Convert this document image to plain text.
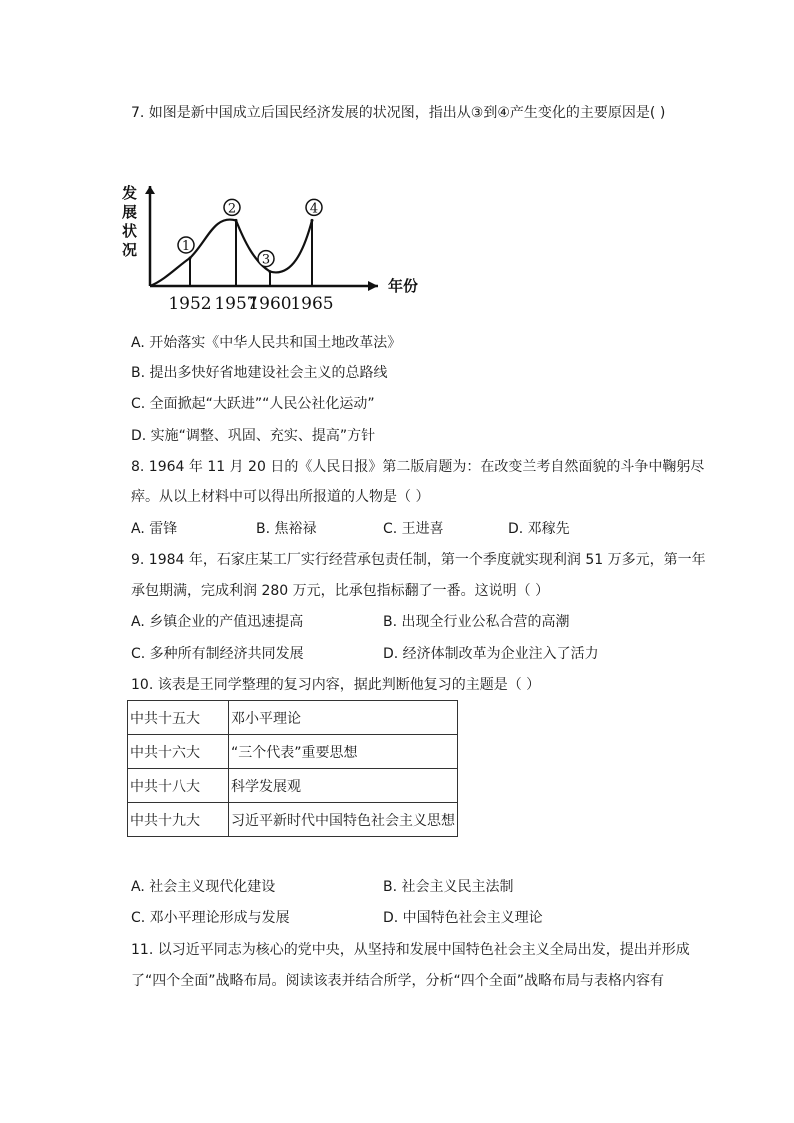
7. 如图是新中国成立后国民经济发展的状况图，指出从③到④产生变化的主要原因是( )
发
展
状
况
年份
1
2
3
4
1952 1957
1960
1965
A. 开始落实《中华人民共和国土地改革法》
B. 提出多快好省地建设社会主义的总路线
C. 全面掀起“大跃进”“人民公社化运动”
D. 实施“调整、巩固、充实、提高”方针
8. 1964 年 11 月 20 日的《人民日报》第二版肩题为：在改变兰考自然面貌的斗争中鞠躬尽
瘁。从以上材料中可以得出所报道的人物是（ ）
A. 雷锋	B. 焦裕禄	C. 王进喜	D. 邓稼先
9. 1984 年，石家庄某工厂实行经营承包责任制，第一个季度就实现利润 51 万多元，第一年
承包期满，完成利润 280 万元，比承包指标翻了一番。这说明（ ）
A. 乡镇企业的产值迅速提高	B. 出现全行业公私合营的高潮
C. 多种所有制经济共同发展	D. 经济体制改革为企业注入了活力
10. 该表是王同学整理的复习内容，据此判断他复习的主题是（ ）
中共十五大	邓小平理论
中共十六大	“三个代表”重要思想
中共十八大	科学发展观
中共十九大	习近平新时代中国特色社会主义思想
A. 社会主义现代化建设	B. 社会主义民主法制
C. 邓小平理论形成与发展	D. 中国特色社会主义理论
11. 以习近平同志为核心的党中央，从坚持和发展中国特色社会主义全局出发，提出并形成
了“四个全面”战略布局。阅读该表并结合所学，分析“四个全面”战略布局与表格内容有
